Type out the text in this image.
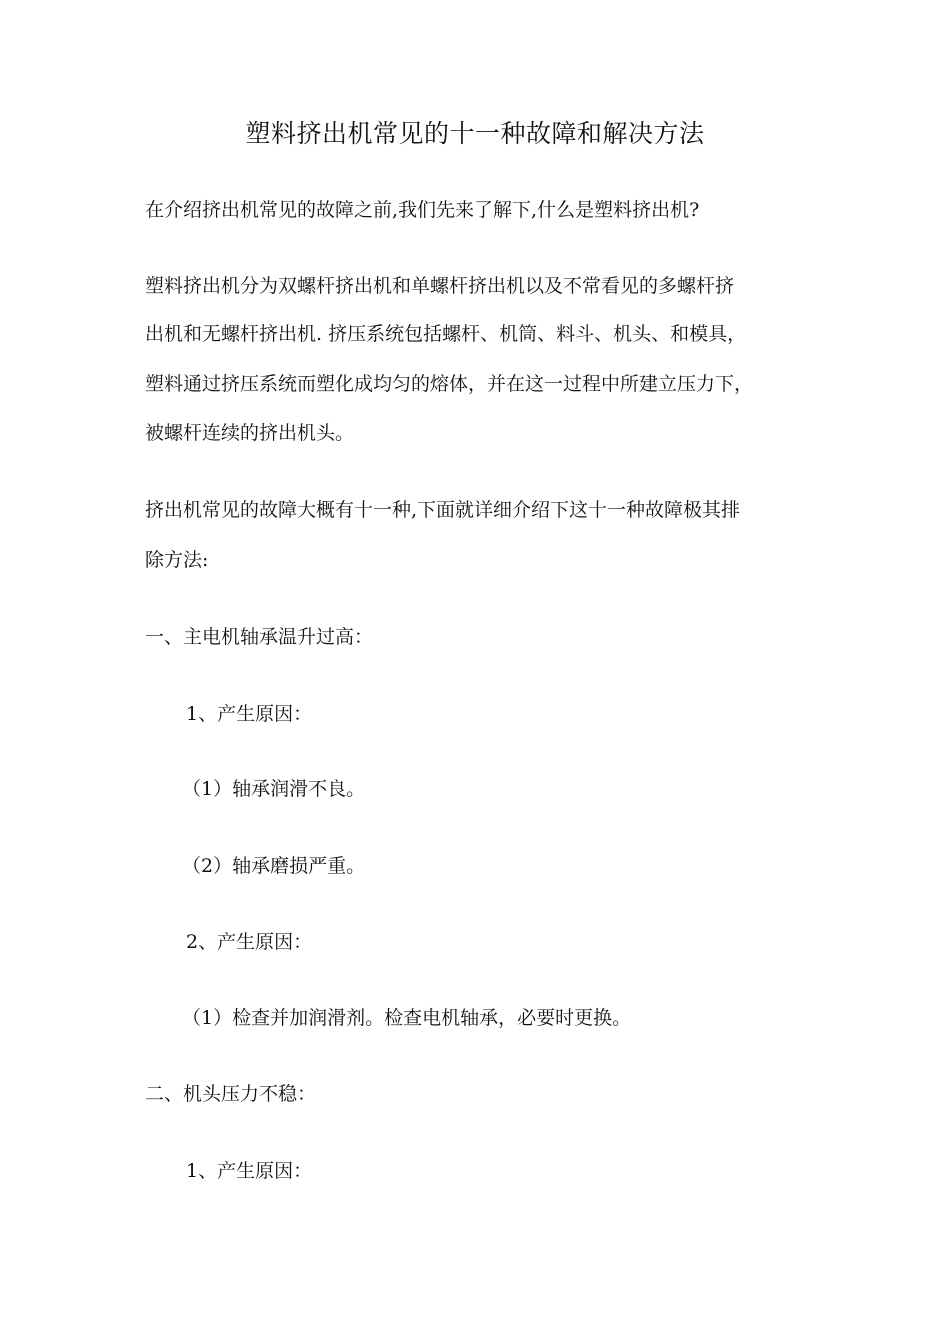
塑料挤出机常见的十一种故障和解决方法
在介绍挤出机常见的故障之前,我们先来了解下,什么是塑料挤出机?
塑料挤出机分为双螺杆挤出机和单螺杆挤出机以及不常看见的多螺杆挤
出机和无螺杆挤出机. 挤压系统包括螺杆、机筒、料斗、机头、和模具，
塑料通过挤压系统而塑化成均匀的熔体，并在这一过程中所建立压力下，
被螺杆连续的挤出机头。
挤出机常见的故障大概有十一种,下面就详细介绍下这十一种故障极其排
除方法:
一、主电机轴承温升过高：
1、产生原因：
（1）轴承润滑不良。
（2）轴承磨损严重。
2、产生原因：
（1）检查并加润滑剂。检查电机轴承，必要时更换。
二、机头压力不稳：
1、产生原因：
